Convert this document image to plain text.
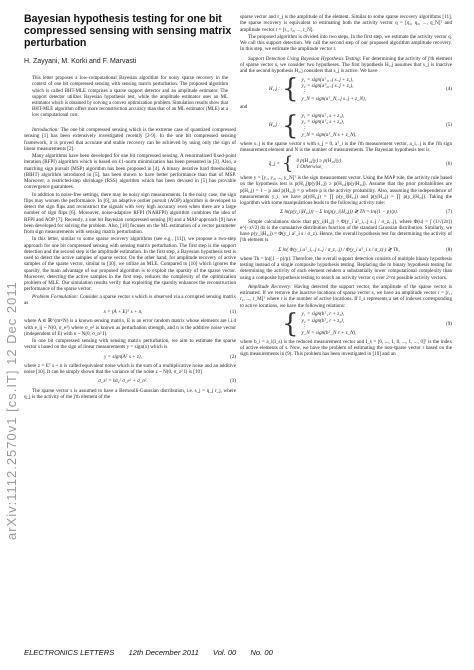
arXiv:1112.2570v1 [cs.IT] 12 Dec 2011
Bayesian hypothesis testing for one bit compressed sensing with sensing matrix perturbation
H. Zayyani, M. Korki and F. Marvasti
This letter proposes a low-computational Bayesian algorithm for noisy sparse recovery in the context of one bit compressed sensing with sensing matrix perturbation. The proposed algorithm which is called BHT-MLE comprises a sparse support detector and an amplitude estimator. The support detector utilizes Bayesian hypothesis test, while the amplitude estimator uses an ML estimator which is obtained by solving a convex optimization problem. Simulation results show that BHT-MLE algorithm offers more reconstruction accuracy than that of an ML estimator (MLE) at a low computational cost.

Introduction: The one bit compressed sensing which is the extreme case of quantized compressed sensing [1] has been extensively investigated recently [2-9]. In the one bit compressed sensing framework, it is proved that accurate and stable recovery can be achieved by using only the sign of linear measurements [2].

Many algorithms have been developed for one bit compressed sensing. A renormalized fixed-point iteration (RFPI) algorithm which is based on ℓ1-norm minimization has been presented in [3]. Also, a matching sign pursuit (MSP) algorithm has been proposed in [4]. A binary iterative hard thresholding (BIHT) algorithm introduced in [5], has been shown to have better performance than that of MSP. Moreover, a restricted-step shrinkage (RSS) algorithm which has been devised in [5] has provable convergence guarantees.

In addition to noise-free settings, there may be noisy sign measurements. In the noisy case, the sign flips may worsen the performance. In [6], an adaptive outlier pursuit (AOP) algorithm is developed to detect the sign flips and reconstruct the signals with very high accuracy even when there are a large number of sign flips [6]. Moreover, noise-adaptive RFPI (NARFPI) algorithm combines the idea of RFPI and AOP [7]. Recently, a one bit Bayesian compressed sensing [8] and a MAP approach [9] have been developed for solving the problem. Also, [10] focuses on the ML estimation of a vector parameter from sign measurements with sensing matrix perturbation.

In this letter, similar to some sparse recovery algorithms (see e.g., [11]), we propose a two-step approach for one bit compressed sensing with sensing matrix perturbation. The first step is the support detection and the second step is the amplitude estimation. In the first step, a Bayesian hypothesis test is used to detect the active samples of sparse vector. On the other hand, for amplitude recovery of active samples of the sparse vector, similar to [10], we utilize an MLE. Compared to [10] which ignores the sparsity, the main advantage of our proposed algorithm is to exploit the sparsity of the sparse vector. Moreover, detecting the active samples in the first step, reduces the complexity of the optimization problem of MLE. Our simulation results verify that exploiting the sparsity enhances the reconstruction performance of the sparse vector.

Problem Formulation: Consider a sparse vector s which is observed via a corrupted sensing matrix as

x = (A + E)ᵀ s + n,	(1)

where A ∈ ℝ^(m×N) is a known sensing matrix, E is an error random matrix whose elements are i.i.d with e_ij ~ N(0, σ_e²) where σ_e² is known as perturbation strength, and n is the additive noise vector (independent of E) with n ~ N(0, σ_n² I).

In one bit compressed sensing with sensing matrix perturbation, we aim to estimate the sparse vector s based on the sign of linear measurements y = sign(x) which is

y = sign(Aᵀ s + z),	(2)

where z = Eᵀ s + n is called equivalent noise which is the sum of a multiplicative noise and an additive noise [10]. It can be simply shown that the variance of the noise z ~ N(0, σ_z² I) is [10]

σ_z² = ‖s‖₂² σ_e² + σ_n².	(3)

The sparse vector s is assumed to have a Bernoulli-Gaussian distribution, i.e. s_j = q_j r_j, where q_j is the activity of the j'th element of the

sparse vector and r_j is the amplitude of the element. Similar to some sparse recovery algorithms [11], the sparse recovery is equivalent to estimating both the activity vector q = [q₁, q₂, ..., q_N]ᵀ and amplitude vector r = [r₁, r₂, ..., r_N].

The proposed algorithm is divided into two steps. In the first step, we estimate the activity vector q. We call this support detection. We call the second step of our proposed algorithm amplitude recovery. In this step, we estimate the amplitude vector r.

Support Detection Using Bayesian Hypothesis Testing: For determining the activity of j'th element of sparse vector s, we consider two hypotheses. The first hypothesis H₁,j assumes that s_j is inactive and the second hypothesis H₂,j considers that s_j is active. We have

H₁,j : { y₁ = sign(aᵀ₁,₋j s₋j + z₁),
y₂ = sign(aᵀ₂,₋j s₋j + z₂),
⋮
y_N = sign(aᵀ_N,₋j s₋j + z_N),
(4)

and

H₂,j : { y₁ = sign(aᵀ₁ s + z₁),
y₂ = sign(aᵀ₂ s + z₂),
⋮
y_N = sign(aᵀ_N s + z_N),
(5)

where s₋j is the sparse vector s with s_j = 0, aᵀ_i is the i'th measurement vector, a_i,₋j is the i'th sign measurement element and N is the number of measurements. The Bayesian hypothesis test is

q̂_j = { 0 p(H₁,j|y) ≥ p(H₂,j|y)
1 Otherwise,
(6)

where y = [y₁, y₂, ..., y_N]ᵀ is the sign measurement vector. Using the MAP rule, the activity rule based on the hypothesis test is p(H₁,j)p(y|H₁,j) ≥ p(H₂,j)p(y|H₂,j). Assume that the prior probabilities are p(H₁,j) = 1 − p and p(H₂,j) = p where p is the activity probability. Also, assuming the independence of measurements y_i, we have p(y|H₁,j) = ∏ p(y_i|H₁,j) and p(y|H₂,j) = ∏ p(y_i|H₂,j). Taking the logarithm with some manipulations leads to the following activity rule:

Σ ln(p(y_i|H₁,j)) − Σ ln(p(y_i|H₂,j)) ≷ Th = ln((1 − p)/p).	(7)

Simple calculations show that p(y_i|H₁,j) = Φ(y_i aᵀ_i,₋j s₋j / σ_z,₋j), where Φ(u) = ∫ (1/√(2π)) e^(−x²/2) dx is the cumulative distribution function of the standard Gaussian distribution. Similarly, we have p(y_i|H₂,j) = Φ(y_i aᵀ_i s / σ_z). Hence, the overall hypothesis test for determining the activity of j'th element is

Σ ln( Φ(y_i aᵀ_i,₋j s₋j / σ_z,₋j) / Φ(y_i aᵀ_i s / σ_z) ) ≷ Th,	(8)

where Th = ln((1 − p)/p). Therefore, the overall support detection consists of multiple binary hypothesis testing instead of a single composite hypothesis testing. Replacing the m binary hypothesis testing for determining the activity of each element renders a substantially lower computational complexity than using a composite hypothesis testing to search an activity vector q over 2^m possible activity vectors.

Amplitude Recovery: Having detected the support vector, the amplitude of the sparse vector is estimated. If we remove the inactive locations of sparse vector s, we have an amplitude vector r = [r₁, r₂, ..., r_M]ᵀ where r is the number of active locations. If I_s represents a set of indexes corresponding to active locations, we have the following relations:

{ y₁ = sign(bᵀ₁ r + z₁),
y₂ = sign(bᵀ₂ r + z₂),
⋮
y_N = sign(bᵀ_N r + z_N),
(9)

where b_i = a_i(I_s) is the reduced measurement vector and I_s = [0, ..., 1, 0, ..., 1, ..., 0]ᵀ is the index of active elements of s. Now, we have the problem of estimating the non-sparse vector r based on the sign measurements in (9). This problem has been investigated in [10] and an

ELECTRONICS LETTERS 12th December 2011 Vol. 00 No. 00
